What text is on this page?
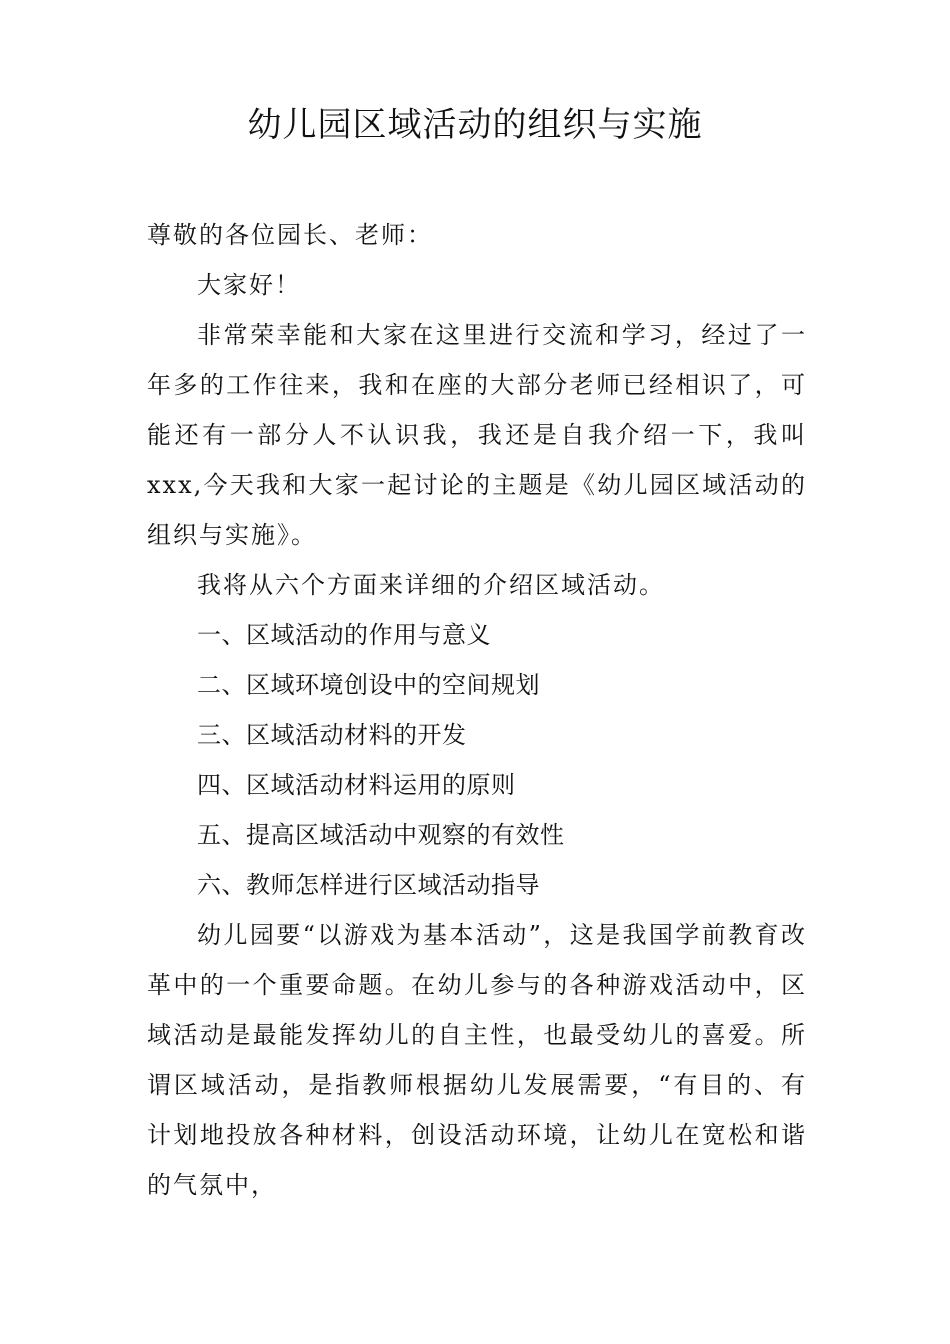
幼儿园区域活动的组织与实施

尊敬的各位园长、老师：

大家好！

非常荣幸能和大家在这里进行交流和学习，经过了一年多的工作往来，我和在座的大部分老师已经相识了，可能还有一部分人不认识我，我还是自我介绍一下，我叫xxx,今天我和大家一起讨论的主题是《幼儿园区域活动的组织与实施》。

我将从六个方面来详细的介绍区域活动。

一、区域活动的作用与意义

二、区域环境创设中的空间规划

三、区域活动材料的开发

四、区域活动材料运用的原则

五、提高区域活动中观察的有效性

六、教师怎样进行区域活动指导

幼儿园要“以游戏为基本活动”，这是我国学前教育改革中的一个重要命题。在幼儿参与的各种游戏活动中，区域活动是最能发挥幼儿的自主性，也最受幼儿的喜爱。所谓区域活动，是指教师根据幼儿发展需要，“有目的、有计划地投放各种材料，创设活动环境，让幼儿在宽松和谐的气氛中，
